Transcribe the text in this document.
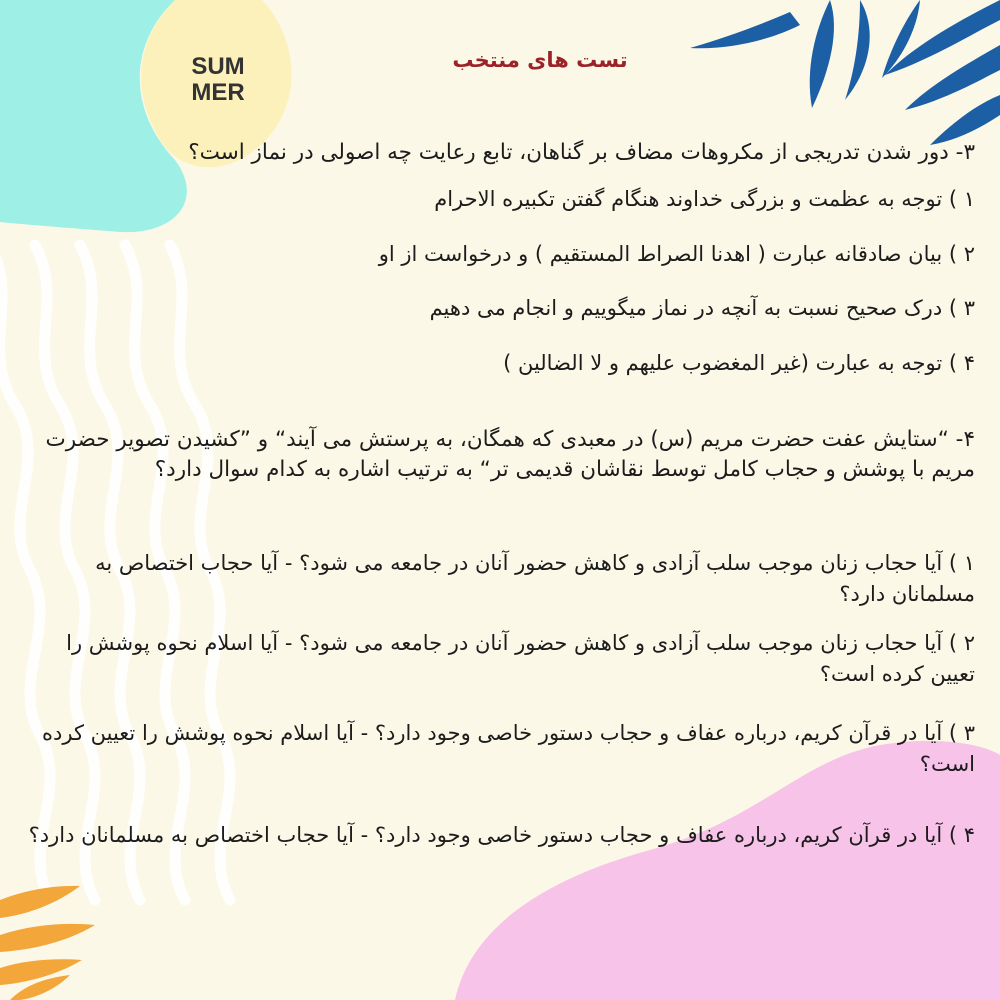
SUM
MER
تست های منتخب
۳- دور شدن تدریجی از مکروهات مضاف بر گناهان، تابع رعایت چه اصولی در نماز است؟
۱ ) توجه به عظمت و بزرگی خداوند هنگام گفتن تکبیره الاحرام
۲ ) بیان صادقانه عبارت ( اهدنا الصراط المستقیم ) و درخواست از او
۳ ) درک صحیح نسبت به آنچه در نماز میگوییم و انجام می دهیم
۴ ) توجه به عبارت (غیر المغضوب علیهم و لا الضالین )
۴- “ستایش عفت حضرت مریم (س) در معبدی که همگان، به پرستش می آیند“ و ”کشیدن تصویر حضرت مریم با پوشش و حجاب کامل توسط نقاشان قدیمی تر“ به ترتیب اشاره به کدام سوال دارد؟
۱ ) آیا حجاب زنان موجب سلب آزادی و کاهش حضور آنان در جامعه می شود؟ - آیا حجاب اختصاص به مسلمانان دارد؟
۲ ) آیا حجاب زنان موجب سلب آزادی و کاهش حضور آنان در جامعه می شود؟ - آیا اسلام نحوه پوشش را تعیین کرده است؟
۳ ) آیا در قرآن کریم، درباره عفاف و حجاب دستور خاصی وجود دارد؟ - آیا اسلام نحوه پوشش را تعیین کرده است؟
۴ ) آیا در قرآن کریم، درباره عفاف و حجاب دستور خاصی وجود دارد؟ - آیا حجاب اختصاص به مسلمانان دارد؟
